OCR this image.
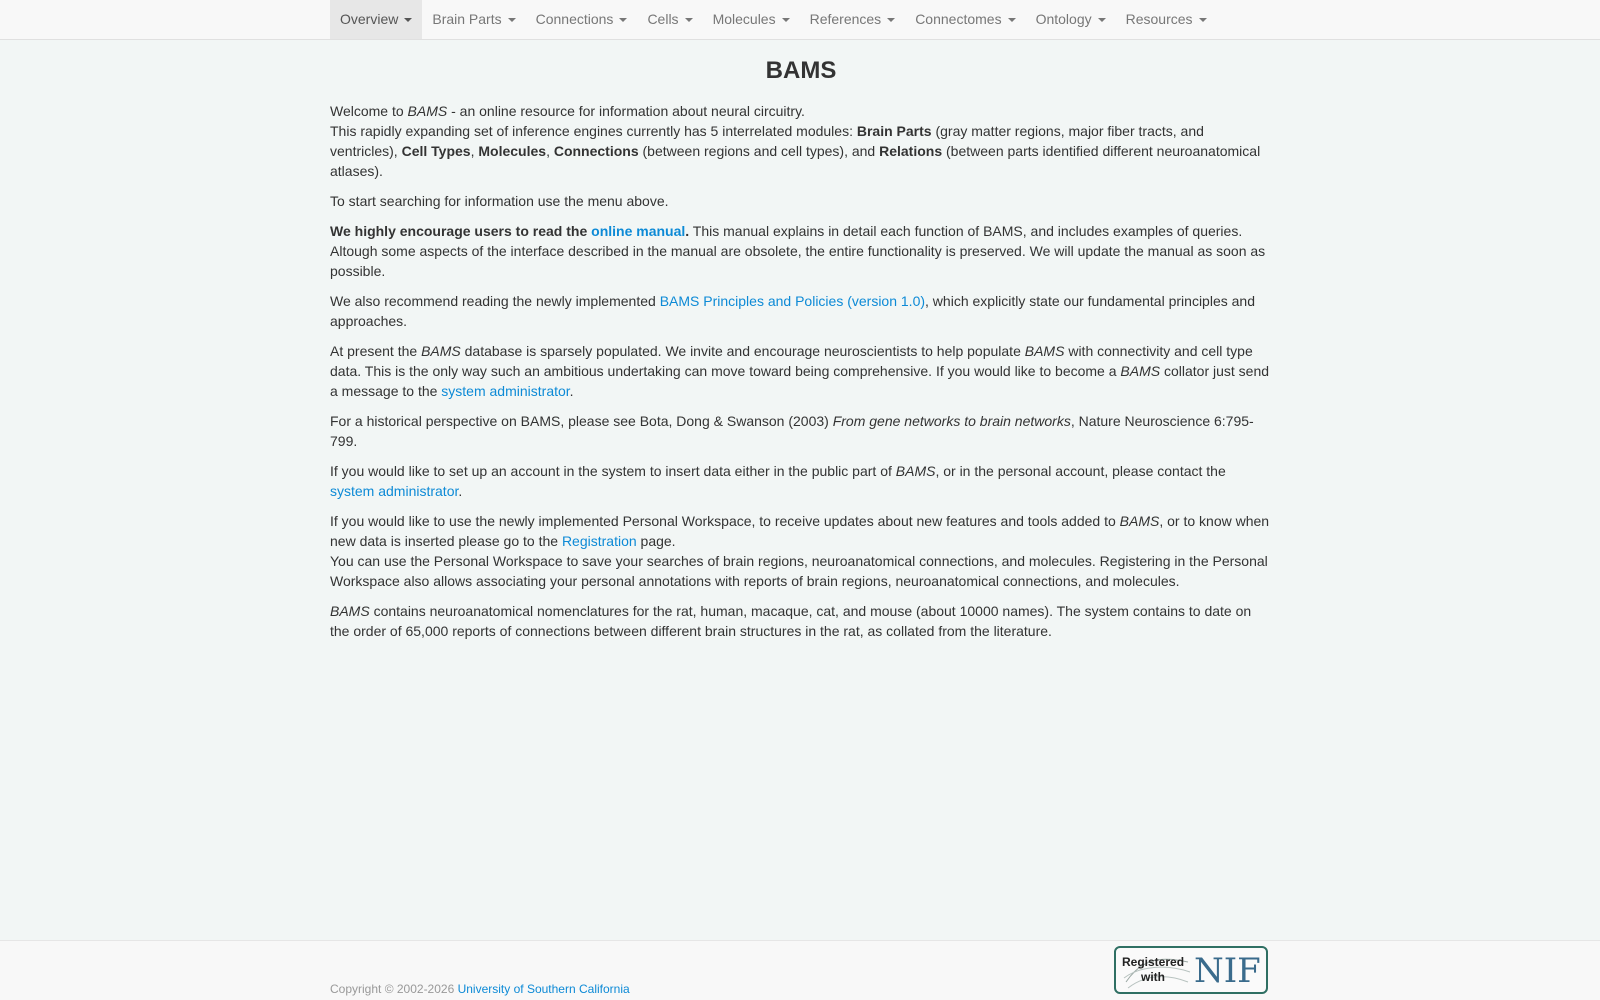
Overview	Brain Parts	Connections	Cells	Molecules	References	Connectomes	Ontology	Resources
BAMS

Welcome to BAMS - an online resource for information about neural circuitry.
This rapidly expanding set of inference engines currently has 5 interrelated modules: Brain Parts (gray matter regions, major fiber tracts, and ventricles), Cell Types, Molecules, Connections (between regions and cell types), and Relations (between parts identified different neuroanatomical atlases).

To start searching for information use the menu above.

We highly encourage users to read the online manual. This manual explains in detail each function of BAMS, and includes examples of queries. Altough some aspects of the interface described in the manual are obsolete, the entire functionality is preserved. We will update the manual as soon as possible.

We also recommend reading the newly implemented BAMS Principles and Policies (version 1.0), which explicitly state our fundamental principles and approaches.

At present the BAMS database is sparsely populated. We invite and encourage neuroscientists to help populate BAMS with connectivity and cell type data. This is the only way such an ambitious undertaking can move toward being comprehensive. If you would like to become a BAMS collator just send a message to the system administrator.

For a historical perspective on BAMS, please see Bota, Dong & Swanson (2003) From gene networks to brain networks, Nature Neuroscience 6:795-799.

If you would like to set up an account in the system to insert data either in the public part of BAMS, or in the personal account, please contact the
system administrator.

If you would like to use the newly implemented Personal Workspace, to receive updates about new features and tools added to BAMS, or to know when new data is inserted please go to the Registration page.

You can use the Personal Workspace to save your searches of brain regions, neuroanatomical connections, and molecules. Registering in the Personal Workspace also allows associating your personal annotations with reports of brain regions, neuroanatomical connections, and molecules.

BAMS contains neuroanatomical nomenclatures for the rat, human, macaque, cat, and mouse (about 10000 names). The system contains to date on the order of 65,000 reports of connections between different brain structures in the rat, as collated from the literature.

Copyright © 2002-2026 University of Southern California
Registered
with NIF
